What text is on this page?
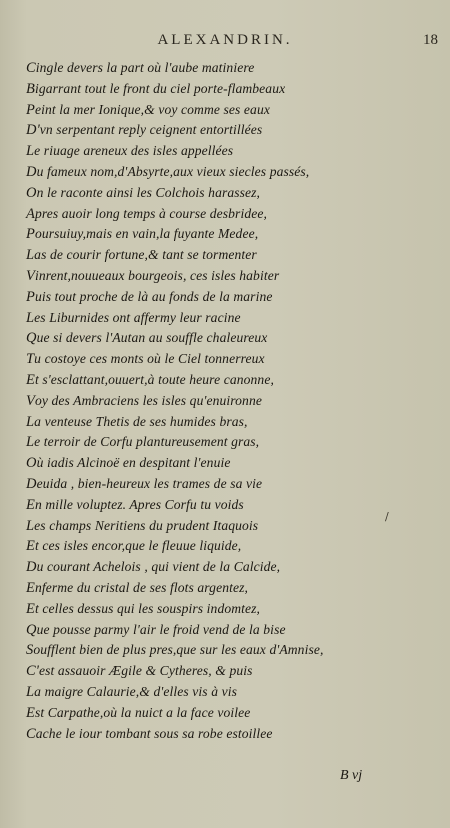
ALEXANDRIN.	18
Cingle devers la part où l'aube matiniere
Bigarrant tout le front du ciel porte-flambeaux
Peint la mer Ionique,& voy comme ses eaux
D'vn serpentant reply ceignent entortillées
Le riuage areneux des isles appellées
Du fameux nom,d'Absyrte,aux vieux siecles passés,
On le raconte ainsi les Colchois harassez,
Apres auoir long temps à course desbridee,
Poursuiuy,mais en vain,la fuyante Medee,
Las de courir fortune,& tant se tormenter
Vinrent,nouueaux bourgeois, ces isles habiter
Puis tout proche de là au fonds de la marine
Les Liburnides ont affermy leur racine
Que si devers l'Autan au souffle chaleureux
Tu costoye ces monts où le Ciel tonnerreux
Et s'esclattant,ouuert,à toute heure canonne,
Voy des Ambraciens les isles qu'enuironne
La venteuse Thetis de ses humides bras,
Le terroir de Corfu plantureusement gras,
Où iadis Alcinoë en despitant l'enuie
Deuida , bien-heureux les trames de sa vie
En mille voluptez. Apres Corfu tu voids
Les champs Neritiens du prudent Itaquois
Et ces isles encor,que le fleuue liquide,
Du courant Achelois , qui vient de la Calcide,
Enferme du cristal de ses flots argentez,
Et celles dessus qui les souspirs indomtez,
Que pousse parmy l'air le froid vend de la bise
Soufflent bien de plus pres,que sur les eaux d'Amnise,
C'est assauoir Ægile & Cytheres, & puis
La maigre Calaurie,& d'elles vis à vis
Est Carpathe,où la nuict a la face voilee
Cache le iour tombant sous sa robe estoillee
/
B vj
